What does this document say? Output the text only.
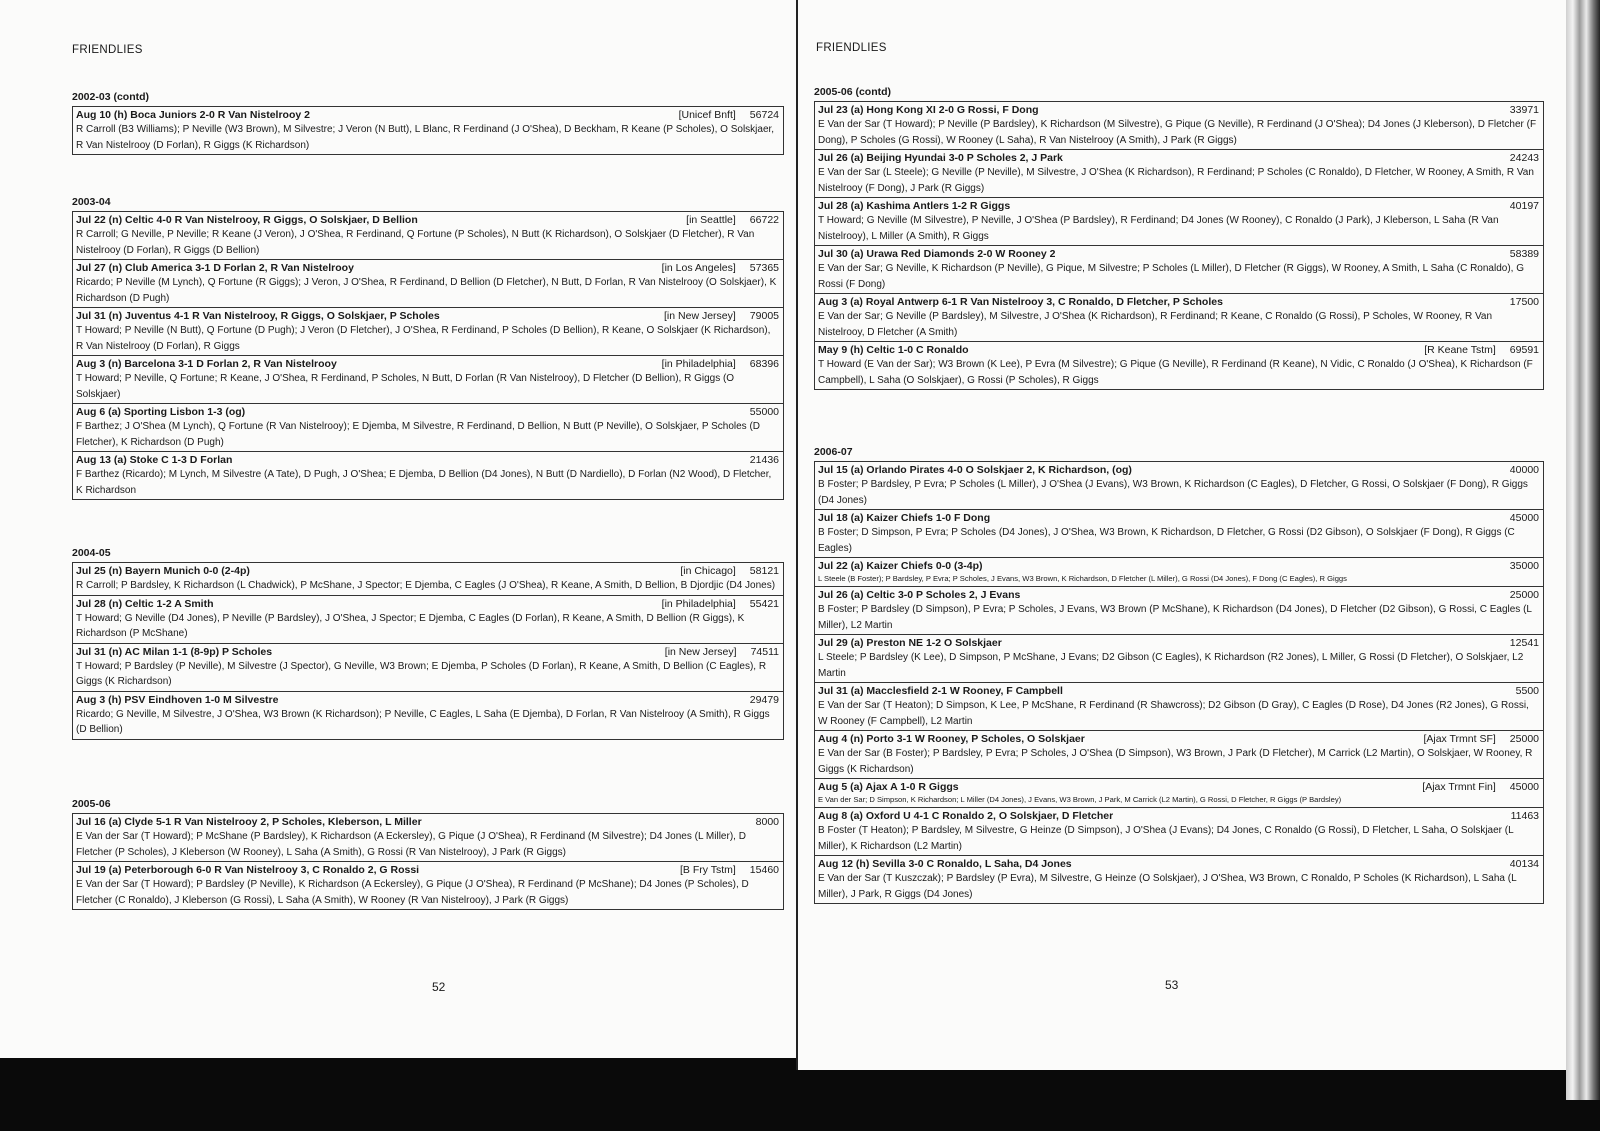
FRIENDLIES
2002-03 (contd)
Aug 10 (h) Boca Juniors 2-0 R Van Nistelrooy 2	[Unicef Bnft] 56724
R Carroll (B3 Williams); P Neville (W3 Brown), M Silvestre; J Veron (N Butt), L Blanc, R Ferdinand (J O'Shea), D Beckham, R Keane (P Scholes), O Solskjaer, R Van Nistelrooy (D Forlan), R Giggs (K Richardson)
2003-04
Jul 22 (n) Celtic 4-0 R Van Nistelrooy, R Giggs, O Solskjaer, D Bellion	[in Seattle] 66722
R Carroll; G Neville, P Neville; R Keane (J Veron), J O'Shea, R Ferdinand, Q Fortune (P Scholes), N Butt (K Richardson), O Solskjaer (D Fletcher), R Van Nistelrooy (D Forlan), R Giggs (D Bellion)
Jul 27 (n) Club America 3-1 D Forlan 2, R Van Nistelrooy	[in Los Angeles] 57365
Ricardo; P Neville (M Lynch), Q Fortune (R Giggs); J Veron, J O'Shea, R Ferdinand, D Bellion (D Fletcher), N Butt, D Forlan, R Van Nistelrooy (O Solskjaer), K Richardson (D Pugh)
Jul 31 (n) Juventus 4-1 R Van Nistelrooy, R Giggs, O Solskjaer, P Scholes	[in New Jersey] 79005
T Howard; P Neville (N Butt), Q Fortune (D Pugh); J Veron (D Fletcher), J O'Shea, R Ferdinand, P Scholes (D Bellion), R Keane, O Solskjaer (K Richardson), R Van Nistelrooy (D Forlan), R Giggs
Aug 3 (n) Barcelona 3-1 D Forlan 2, R Van Nistelrooy	[in Philadelphia] 68396
T Howard; P Neville, Q Fortune; R Keane, J O'Shea, R Ferdinand, P Scholes, N Butt, D Forlan (R Van Nistelrooy), D Fletcher (D Bellion), R Giggs (O Solskjaer)
Aug 6 (a) Sporting Lisbon 1-3 (og)	55000
F Barthez; J O'Shea (M Lynch), Q Fortune (R Van Nistelrooy); E Djemba, M Silvestre, R Ferdinand, D Bellion, N Butt (P Neville), O Solskjaer, P Scholes (D Fletcher), K Richardson (D Pugh)
Aug 13 (a) Stoke C 1-3 D Forlan	21436
F Barthez (Ricardo); M Lynch, M Silvestre (A Tate), D Pugh, J O'Shea; E Djemba, D Bellion (D4 Jones), N Butt (D Nardiello), D Forlan (N2 Wood), D Fletcher, K Richardson
2004-05
Jul 25 (n) Bayern Munich 0-0 (2-4p)	[in Chicago] 58121
R Carroll; P Bardsley, K Richardson (L Chadwick), P McShane, J Spector; E Djemba, C Eagles (J O'Shea), R Keane, A Smith, D Bellion, B Djordjic (D4 Jones)
Jul 28 (n) Celtic 1-2 A Smith	[in Philadelphia] 55421
T Howard; G Neville (D4 Jones), P Neville (P Bardsley), J O'Shea, J Spector; E Djemba, C Eagles (D Forlan), R Keane, A Smith, D Bellion (R Giggs), K Richardson (P McShane)
Jul 31 (n) AC Milan 1-1 (8-9p) P Scholes	[in New Jersey] 74511
T Howard; P Bardsley (P Neville), M Silvestre (J Spector), G Neville, W3 Brown; E Djemba, P Scholes (D Forlan), R Keane, A Smith, D Bellion (C Eagles), R Giggs (K Richardson)
Aug 3 (h) PSV Eindhoven 1-0 M Silvestre	29479
Ricardo; G Neville, M Silvestre, J O'Shea, W3 Brown (K Richardson); P Neville, C Eagles, L Saha (E Djemba), D Forlan, R Van Nistelrooy (A Smith), R Giggs (D Bellion)
2005-06
Jul 16 (a) Clyde 5-1 R Van Nistelrooy 2, P Scholes, Kleberson, L Miller	8000
E Van der Sar (T Howard); P McShane (P Bardsley), K Richardson (A Eckersley), G Pique (J O'Shea), R Ferdinand (M Silvestre); D4 Jones (L Miller), D Fletcher (P Scholes), J Kleberson (W Rooney), L Saha (A Smith), G Rossi (R Van Nistelrooy), J Park (R Giggs)
Jul 19 (a) Peterborough 6-0 R Van Nistelrooy 3, C Ronaldo 2, G Rossi	[B Fry Tstm] 15460
E Van der Sar (T Howard); P Bardsley (P Neville), K Richardson (A Eckersley), G Pique (J O'Shea), R Ferdinand (P McShane); D4 Jones (P Scholes), D Fletcher (C Ronaldo), J Kleberson (G Rossi), L Saha (A Smith), W Rooney (R Van Nistelrooy), J Park (R Giggs)
52
FRIENDLIES
2005-06 (contd)
Jul 23 (a) Hong Kong XI 2-0 G Rossi, F Dong	33971
E Van der Sar (T Howard); P Neville (P Bardsley), K Richardson (M Silvestre), G Pique (G Neville), R Ferdinand (J O'Shea); D4 Jones (J Kleberson), D Fletcher (F Dong), P Scholes (G Rossi), W Rooney (L Saha), R Van Nistelrooy (A Smith), J Park (R Giggs)
Jul 26 (a) Beijing Hyundai 3-0 P Scholes 2, J Park	24243
E Van der Sar (L Steele); G Neville (P Neville), M Silvestre, J O'Shea (K Richardson), R Ferdinand; P Scholes (C Ronaldo), D Fletcher, W Rooney, A Smith, R Van Nistelrooy (F Dong), J Park (R Giggs)
Jul 28 (a) Kashima Antlers 1-2 R Giggs	40197
T Howard; G Neville (M Silvestre), P Neville, J O'Shea (P Bardsley), R Ferdinand; D4 Jones (W Rooney), C Ronaldo (J Park), J Kleberson, L Saha (R Van Nistelrooy), L Miller (A Smith), R Giggs
Jul 30 (a) Urawa Red Diamonds 2-0 W Rooney 2	58389
E Van der Sar; G Neville, K Richardson (P Neville), G Pique, M Silvestre; P Scholes (L Miller), D Fletcher (R Giggs), W Rooney, A Smith, L Saha (C Ronaldo), G Rossi (F Dong)
Aug 3 (a) Royal Antwerp 6-1 R Van Nistelrooy 3, C Ronaldo, D Fletcher, P Scholes	17500
E Van der Sar; G Neville (P Bardsley), M Silvestre, J O'Shea (K Richardson), R Ferdinand; R Keane, C Ronaldo (G Rossi), P Scholes, W Rooney, R Van Nistelrooy, D Fletcher (A Smith)
May 9 (h) Celtic 1-0 C Ronaldo	[R Keane Tstm] 69591
T Howard (E Van der Sar); W3 Brown (K Lee), P Evra (M Silvestre); G Pique (G Neville), R Ferdinand (R Keane), N Vidic, C Ronaldo (J O'Shea), K Richardson (F Campbell), L Saha (O Solskjaer), G Rossi (P Scholes), R Giggs
2006-07
Jul 15 (a) Orlando Pirates 4-0 O Solskjaer 2, K Richardson, (og)	40000
B Foster; P Bardsley, P Evra; P Scholes (L Miller), J O'Shea (J Evans), W3 Brown, K Richardson (C Eagles), D Fletcher, G Rossi, O Solskjaer (F Dong), R Giggs (D4 Jones)
Jul 18 (a) Kaizer Chiefs 1-0 F Dong	45000
B Foster; D Simpson, P Evra; P Scholes (D4 Jones), J O'Shea, W3 Brown, K Richardson, D Fletcher, G Rossi (D2 Gibson), O Solskjaer (F Dong), R Giggs (C Eagles)
Jul 22 (a) Kaizer Chiefs 0-0 (3-4p)	35000
L Steele (B Foster); P Bardsley, P Evra; P Scholes, J Evans, W3 Brown, K Richardson, D Fletcher (L Miller), G Rossi (D4 Jones), F Dong (C Eagles), R Giggs
Jul 26 (a) Celtic 3-0 P Scholes 2, J Evans	25000
B Foster; P Bardsley (D Simpson), P Evra; P Scholes, J Evans, W3 Brown (P McShane), K Richardson (D4 Jones), D Fletcher (D2 Gibson), G Rossi, C Eagles (L Miller), L2 Martin
Jul 29 (a) Preston NE 1-2 O Solskjaer	12541
L Steele; P Bardsley (K Lee), D Simpson, P McShane, J Evans; D2 Gibson (C Eagles), K Richardson (R2 Jones), L Miller, G Rossi (D Fletcher), O Solskjaer, L2 Martin
Jul 31 (a) Macclesfield 2-1 W Rooney, F Campbell	5500
E Van der Sar (T Heaton); D Simpson, K Lee, P McShane, R Ferdinand (R Shawcross); D2 Gibson (D Gray), C Eagles (D Rose), D4 Jones (R2 Jones), G Rossi, W Rooney (F Campbell), L2 Martin
Aug 4 (n) Porto 3-1 W Rooney, P Scholes, O Solskjaer	[Ajax Trmnt SF] 25000
E Van der Sar (B Foster); P Bardsley, P Evra; P Scholes, J O'Shea (D Simpson), W3 Brown, J Park (D Fletcher), M Carrick (L2 Martin), O Solskjaer, W Rooney, R Giggs (K Richardson)
Aug 5 (a) Ajax A 1-0 R Giggs	[Ajax Trmnt Fin] 45000
E Van der Sar; D Simpson, K Richardson; L Miller (D4 Jones), J Evans, W3 Brown, J Park, M Carrick (L2 Martin), G Rossi, D Fletcher, R Giggs (P Bardsley)
Aug 8 (a) Oxford U 4-1 C Ronaldo 2, O Solskjaer, D Fletcher	11463
B Foster (T Heaton); P Bardsley, M Silvestre, G Heinze (D Simpson), J O'Shea (J Evans); D4 Jones, C Ronaldo (G Rossi), D Fletcher, L Saha, O Solskjaer (L Miller), K Richardson (L2 Martin)
Aug 12 (h) Sevilla 3-0 C Ronaldo, L Saha, D4 Jones	40134
E Van der Sar (T Kuszczak); P Bardsley (P Evra), M Silvestre, G Heinze (O Solskjaer), J O'Shea, W3 Brown, C Ronaldo, P Scholes (K Richardson), L Saha (L Miller), J Park, R Giggs (D4 Jones)
53
